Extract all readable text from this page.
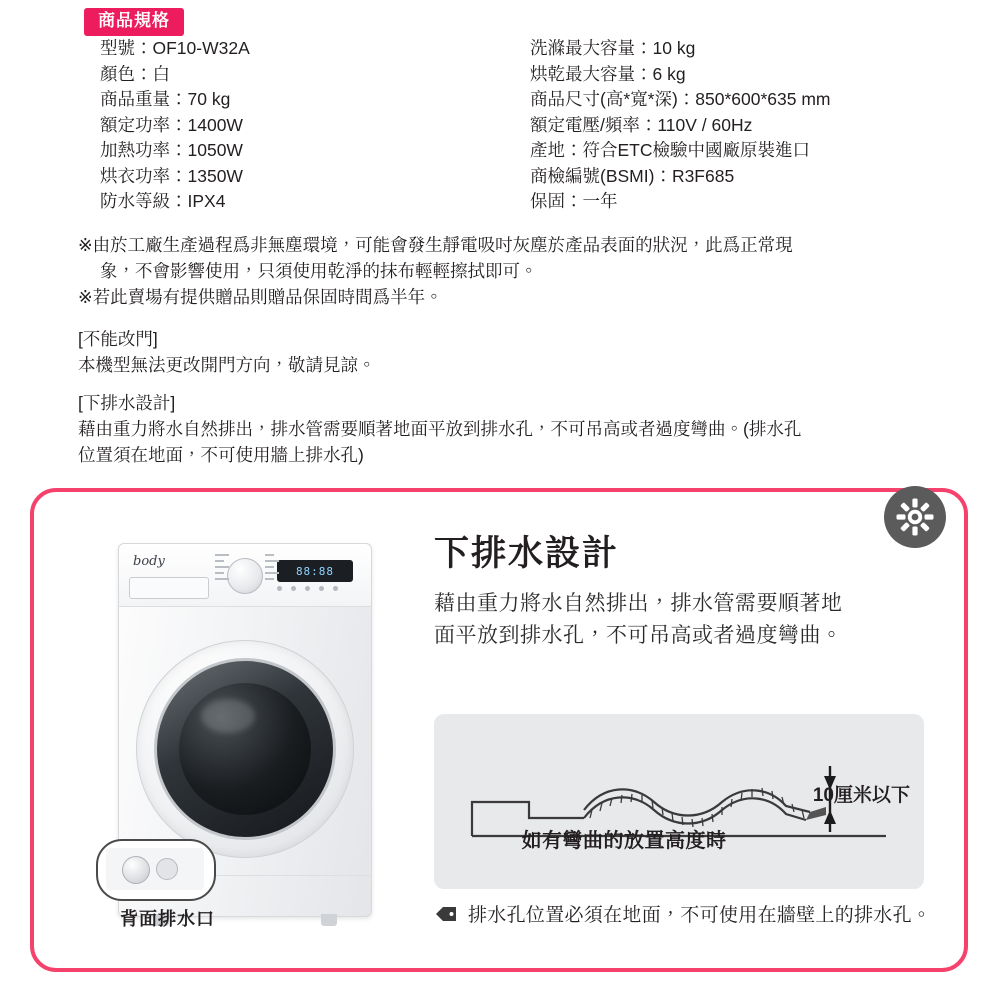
商品規格
型號：OF10-W32A
顏色：白
商品重量：70 kg
額定功率：1400W
加熱功率：1050W
烘衣功率：1350W
防水等級：IPX4
洗滌最大容量：10 kg
烘乾最大容量：6 kg
商品尺寸(高*寬*深)：850*600*635 mm
額定電壓/頻率：110V / 60Hz
產地：符合ETC檢驗中國廠原裝進口
商檢編號(BSMI)：R3F685
保固：一年
※由於工廠生產過程爲非無塵環境，可能會發生靜電吸吋灰塵於產品表面的狀況，此爲正常現
象，不會影響使用，只須使用乾淨的抹布輕輕擦拭即可。
※若此賣場有提供贈品則贈品保固時間爲半年。
[不能改門]
本機型無法更改開門方向，敬請見諒。
[下排水設計]
藉由重力將水自然排出，排水管需要順著地面平放到排水孔，不可吊高或者過度彎曲。(排水孔
位置須在地面，不可使用牆上排水孔)
body
88:88
背面排水口
下排水設計
藉由重力將水自然排出，排水管需要順著地
面平放到排水孔，不可吊高或者過度彎曲。
如有彎曲的放置高度時
10厘米以下
排水孔位置必須在地面，不可使用在牆壁上的排水孔。
